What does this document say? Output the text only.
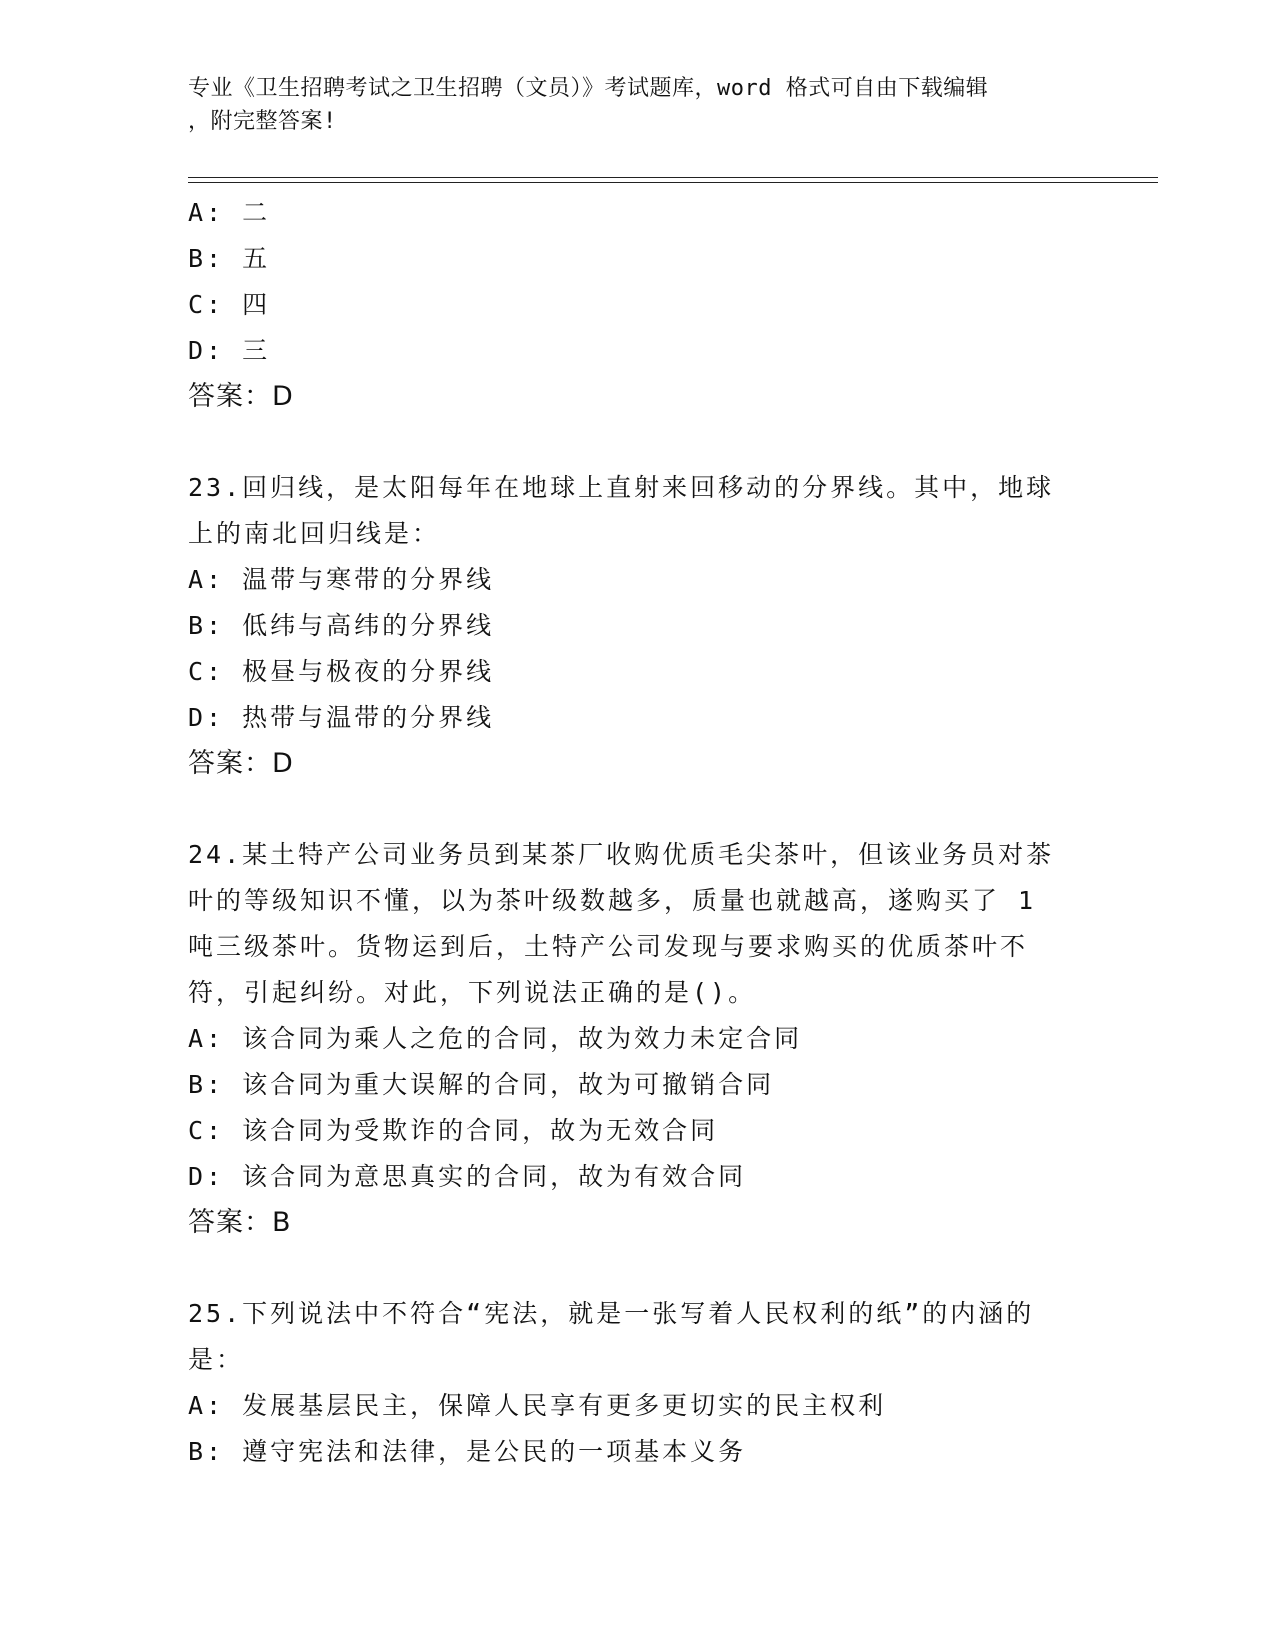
专业《卫生招聘考试之卫生招聘（文员）》考试题库，word 格式可自由下载编辑
，附完整答案!
A: 二
B: 五
C: 四
D: 三
答案：D
23.回归线，是太阳每年在地球上直射来回移动的分界线。其中，地球
上的南北回归线是：
A: 温带与寒带的分界线
B: 低纬与高纬的分界线
C: 极昼与极夜的分界线
D: 热带与温带的分界线
答案：D
24.某土特产公司业务员到某茶厂收购优质毛尖茶叶，但该业务员对茶
叶的等级知识不懂，以为茶叶级数越多，质量也就越高，遂购买了 1
吨三级茶叶。货物运到后，土特产公司发现与要求购买的优质茶叶不
符，引起纠纷。对此，下列说法正确的是()。
A: 该合同为乘人之危的合同，故为效力未定合同
B: 该合同为重大误解的合同，故为可撤销合同
C: 该合同为受欺诈的合同，故为无效合同
D: 该合同为意思真实的合同，故为有效合同
答案：B
25.下列说法中不符合“宪法，就是一张写着人民权利的纸”的内涵的
是：
A: 发展基层民主，保障人民享有更多更切实的民主权利
B: 遵守宪法和法律，是公民的一项基本义务
